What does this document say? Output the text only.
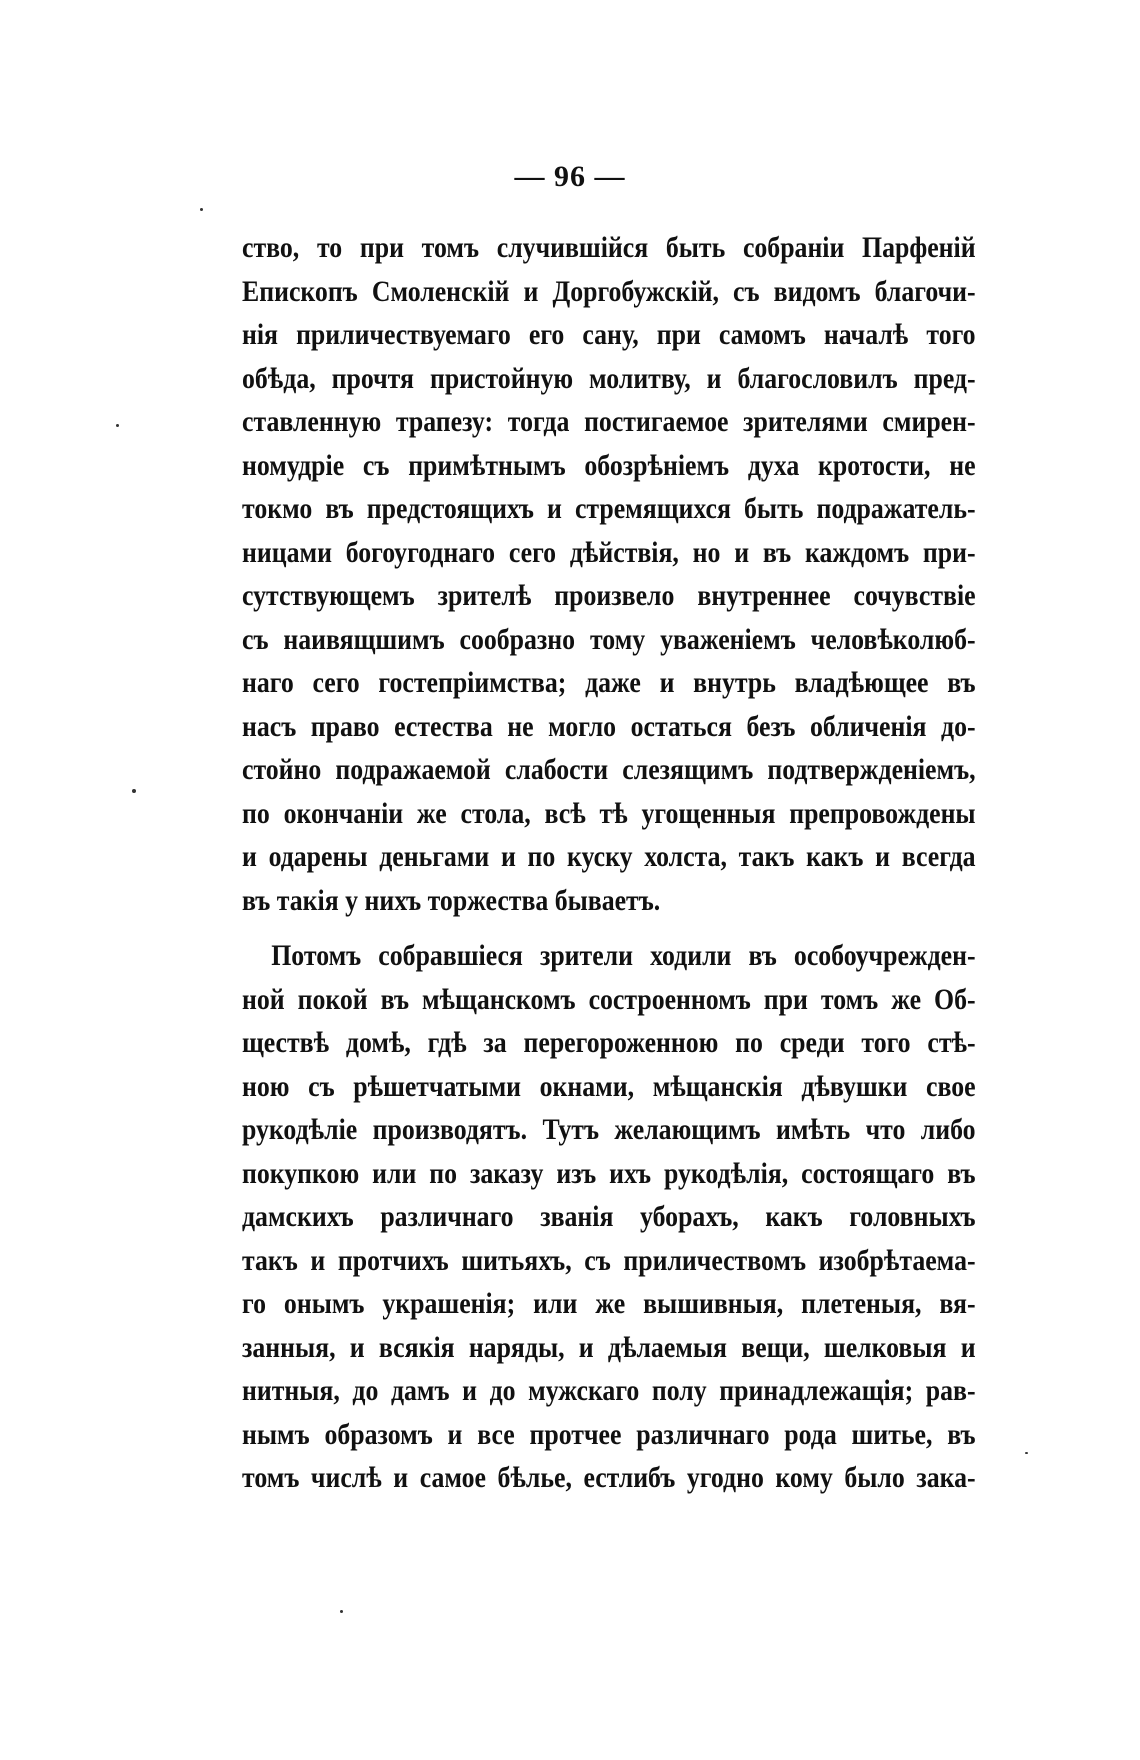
— 96 —
ство, то при томъ случившійся быть собраніи Парфеній
Епископъ Смоленскій и Доргобужскій, съ видомъ благочи-
нія приличествуемаго его сану, при самомъ началѣ того
обѣда, прочтя пристойную молитву, и благословилъ пред-
ставленную трапезу: тогда постигаемое зрителями смирен-
номудріе съ примѣтнымъ обозрѣніемъ духа кротости, не
токмо въ предстоящихъ и стремящихся быть подражатель-
ницами богоугоднаго сего дѣйствія, но и въ каждомъ при-
сутствующемъ зрителѣ произвело внутреннее сочувствіе
съ наивящшимъ сообразно тому уваженіемъ человѣколюб-
наго сего гостепріимства; даже и внутрь владѣющее въ
насъ право естества не могло остаться безъ обличенія до-
стойно подражаемой слабости слезящимъ подтвержденіемъ,
по окончаніи же стола, всѣ тѣ угощенныя препровождены
и одарены деньгами и по куску холста, такъ какъ и всегда
въ такія у нихъ торжества бываетъ.
Потомъ собравшіеся зрители ходили въ особоучрежден-
ной покой въ мѣщанскомъ состроенномъ при томъ же Об-
ществѣ домѣ, гдѣ за перегороженною по среди того стѣ-
ною съ рѣшетчатыми окнами, мѣщанскія дѣвушки свое
рукодѣліе производятъ. Тутъ желающимъ имѣть что либо
покупкою или по заказу изъ ихъ рукодѣлія, состоящаго въ
дамскихъ различнаго званія уборахъ, какъ головныхъ
такъ и протчихъ шитьяхъ, съ приличествомъ изобрѣтаема-
го онымъ украшенія; или же вышивныя, плетеныя, вя-
занныя, и всякія наряды, и дѣлаемыя вещи, шелковыя и
нитныя, до дамъ и до мужскаго полу принадлежащія; рав-
нымъ образомъ и все протчее различнаго рода шитье, въ
томъ числѣ и самое бѣлье, естлибъ угодно кому было зака-
